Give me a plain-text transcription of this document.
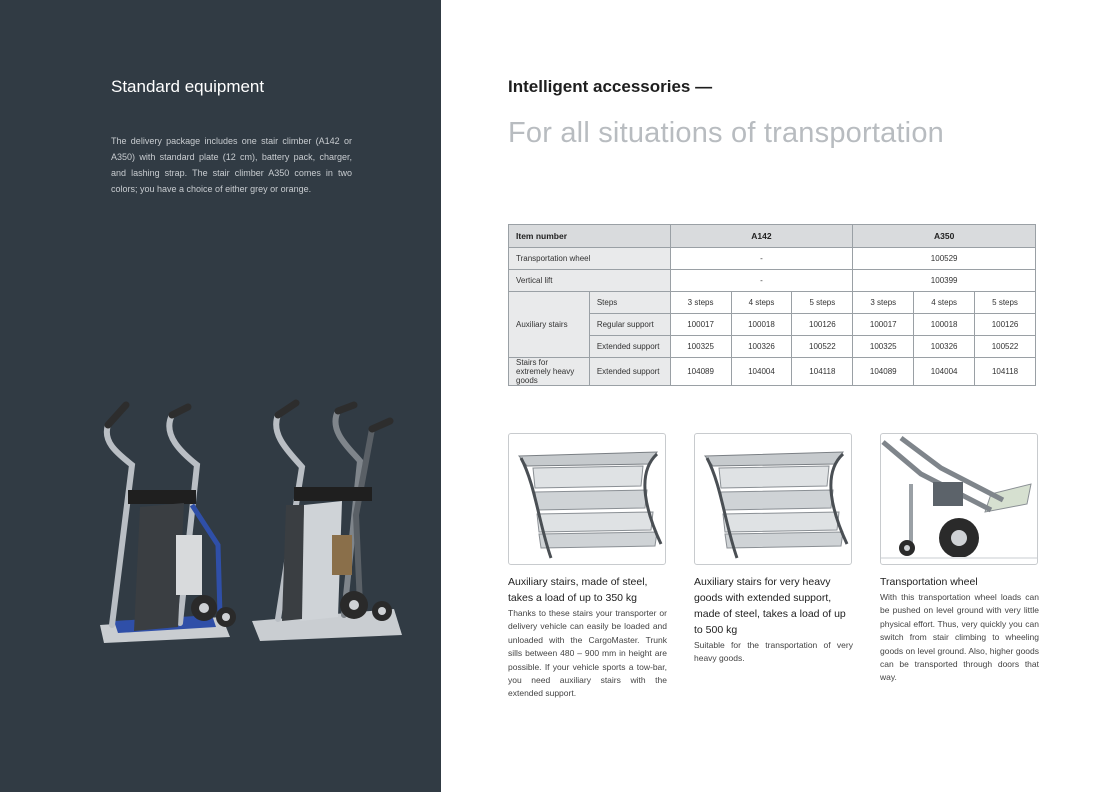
Standard equipment

The delivery package includes one stair climber (A142 or A350) with standard plate (12 cm), battery pack, charger, and lashing strap. The stair climber A350 comes in two colors; you have a choice of either grey or orange.

Intelligent accessories —
For all situations of transportation
Item number		A142			A350		
Transportation wheel		-			100529		
Vertical lift		-			100399		
Auxiliary stairs	Steps	3 steps	4 steps	5 steps	3 steps	4 steps	5 steps
	Regular support	100017	100018	100126	100017	100018	100126
	Extended support	100325	100326	100522	100325	100326	100522
Stairs for extremely heavy goods	Extended support	104089	104004	104118	104089	104004	104118
Auxiliary stairs, made of steel, takes a load of up to 350 kg
Thanks to these stairs your transporter or delivery vehicle can easily be loaded and unloaded with the CargoMaster. Trunk sills between 480 – 900 mm in height are possible. If your vehicle sports a tow-bar, you need auxiliary stairs with the extended support.
Auxiliary stairs for very heavy goods with extended support, made of steel, takes a load of up to 500 kg
Suitable for the transportation of very heavy goods.
Transportation wheel
With this transportation wheel loads can be pushed on level ground with very little physical effort. Thus, very quickly you can switch from stair climbing to wheeling goods on level ground. Also, higher goods can be transported through doors that way.
